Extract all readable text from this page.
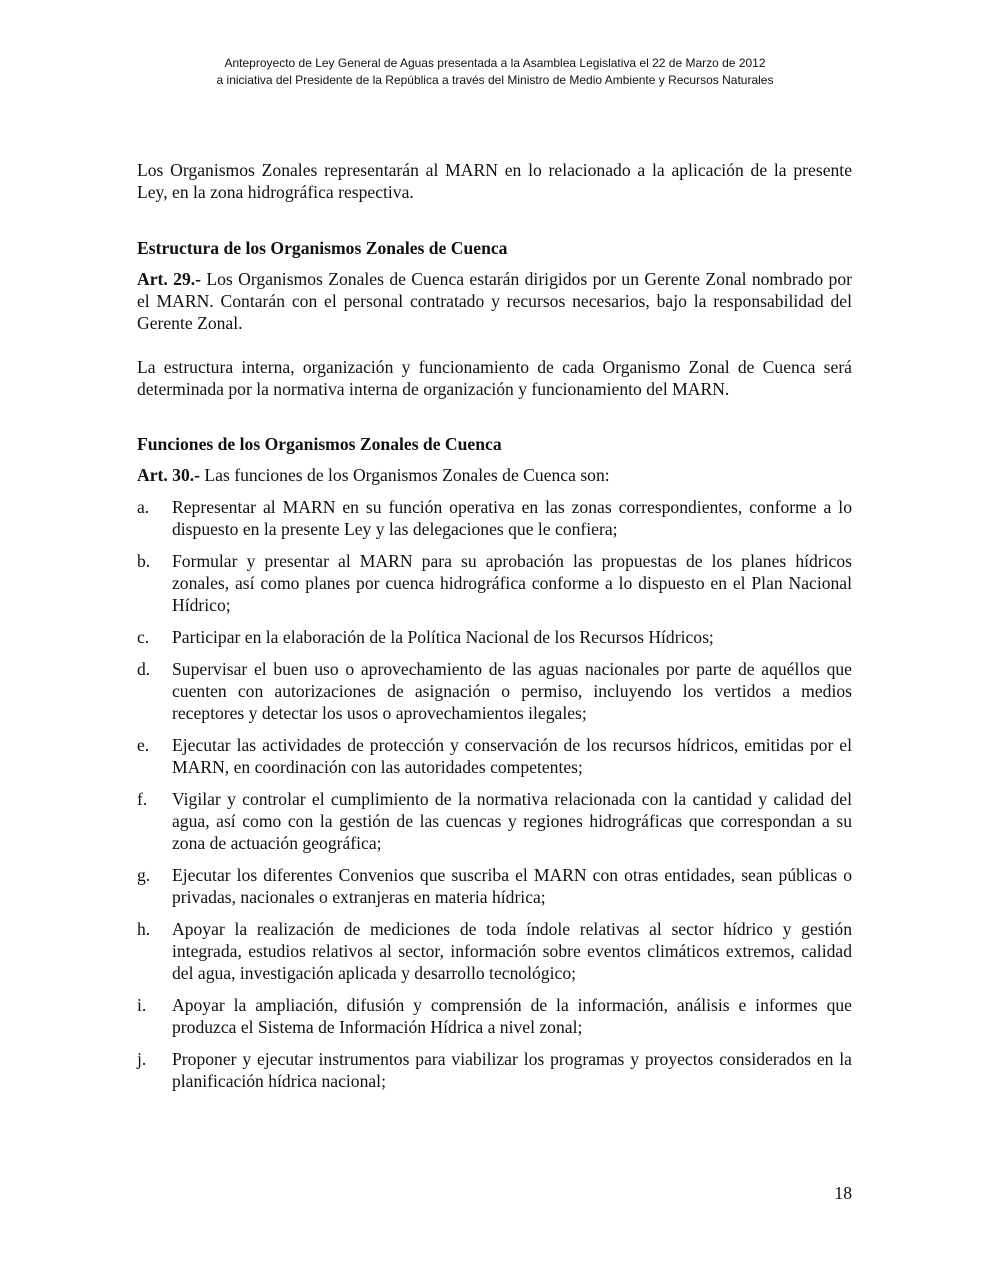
Anteproyecto de Ley General de Aguas presentada a la Asamblea Legislativa el 22 de Marzo de 2012
a iniciativa del Presidente de la República a través del Ministro de Medio Ambiente y Recursos Naturales

Los Organismos Zonales representarán al MARN en lo relacionado a la aplicación de la presente Ley, en la zona hidrográfica respectiva.

Estructura de los Organismos Zonales de Cuenca

Art. 29.- Los Organismos Zonales de Cuenca estarán dirigidos por un Gerente Zonal nombrado por el MARN. Contarán con el personal contratado y recursos necesarios, bajo la responsabilidad del Gerente Zonal.

La estructura interna, organización y funcionamiento de cada Organismo Zonal de Cuenca será determinada por la normativa interna de organización y funcionamiento del MARN.

Funciones de los Organismos Zonales de Cuenca

Art. 30.- Las funciones de los Organismos Zonales de Cuenca son:

a. Representar al MARN en su función operativa en las zonas correspondientes, conforme a lo dispuesto en la presente Ley y las delegaciones que le confiera;
b. Formular y presentar al MARN para su aprobación las propuestas de los planes hídricos zonales, así como planes por cuenca hidrográfica conforme a lo dispuesto en el Plan Nacional Hídrico;
c. Participar en la elaboración de la Política Nacional de los Recursos Hídricos;
d. Supervisar el buen uso o aprovechamiento de las aguas nacionales por parte de aquéllos que cuenten con autorizaciones de asignación o permiso, incluyendo los vertidos a medios receptores y detectar los usos o aprovechamientos ilegales;
e. Ejecutar las actividades de protección y conservación de los recursos hídricos, emitidas por el MARN, en coordinación con las autoridades competentes;
f. Vigilar y controlar el cumplimiento de la normativa relacionada con la cantidad y calidad del agua, así como con la gestión de las cuencas y regiones hidrográficas que correspondan a su zona de actuación geográfica;
g. Ejecutar los diferentes Convenios que suscriba el MARN con otras entidades, sean públicas o privadas, nacionales o extranjeras en materia hídrica;
h. Apoyar la realización de mediciones de toda índole relativas al sector hídrico y gestión integrada, estudios relativos al sector, información sobre eventos climáticos extremos, calidad del agua, investigación aplicada y desarrollo tecnológico;
i. Apoyar la ampliación, difusión y comprensión de la información, análisis e informes que produzca el Sistema de Información Hídrica a nivel zonal;
j. Proponer y ejecutar instrumentos para viabilizar los programas y proyectos considerados en la planificación hídrica nacional;
18
